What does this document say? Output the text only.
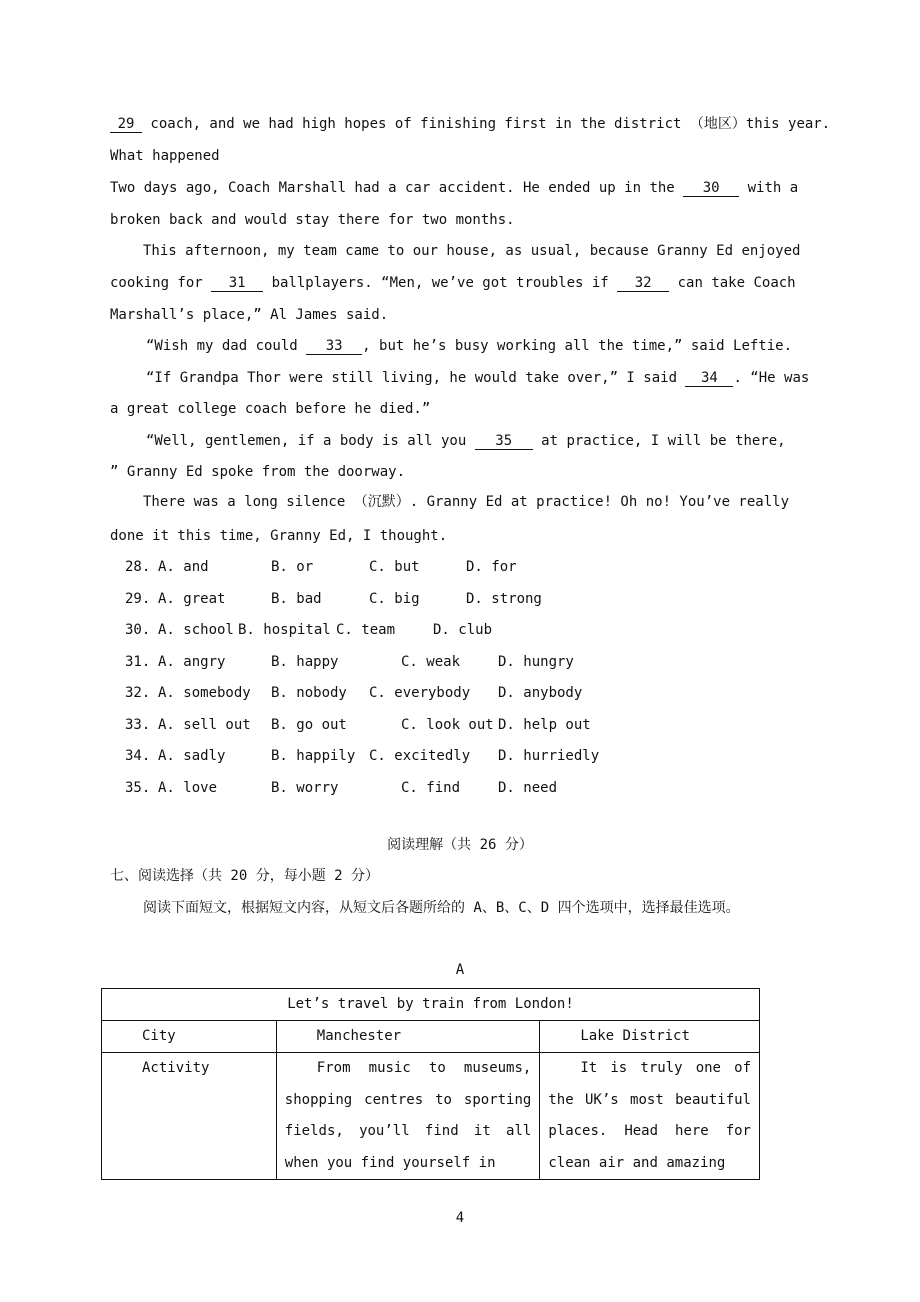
29 coach, and we had high hopes of finishing first in the district （地区）this year.
What happened
Two days ago, Coach Marshall had a car accident. He ended up in the 30 with a
broken back and would stay there for two months.
This afternoon, my team came to our house, as usual, because Granny Ed enjoyed
cooking for 31 ballplayers. “Men, we’ve got troubles if 32 can take Coach
Marshall’s place,” Al James said.
“Wish my dad could 33 , but he’s busy working all the time,” said Leftie.
“If Grandpa Thor were still living, he would take over,” I said 34 . “He was
a great college coach before he died.”
“Well, gentlemen, if a body is all you 35 at practice, I will be there,
” Granny Ed spoke from the doorway.
There was a long silence （沉默）. Granny Ed at practice! Oh no! You’ve really
done it this time, Granny Ed, I thought.
28. A. and	B. or	C. but	D. for
29. A. great	B. bad	C. big	D. strong
30. A. school B. hospital C. team	D. club
31. A. angry	B. happy	C. weak	D. hungry
32. A. somebody B. nobody C. everybody D. anybody
33. A. sell out B. go out	C. look out D. help out
34. A. sadly	B. happily C. excitedly D. hurriedly
35. A. love	B. worry	C. find	D. need
阅读理解（共 26 分）
七、阅读选择（共 20 分，每小题 2 分）
阅读下面短文，根据短文内容，从短文后各题所给的 A、B、C、D 四个选项中，选择最佳选项。
A
Let’s travel by train from London!		
City	Manchester	Lake District
Activity	From music to museums, shopping centres to sporting fields, you’ll find it all when you find yourself in	It is truly one of the UK’s most beautiful places. Head here for clean air and amazing
4
